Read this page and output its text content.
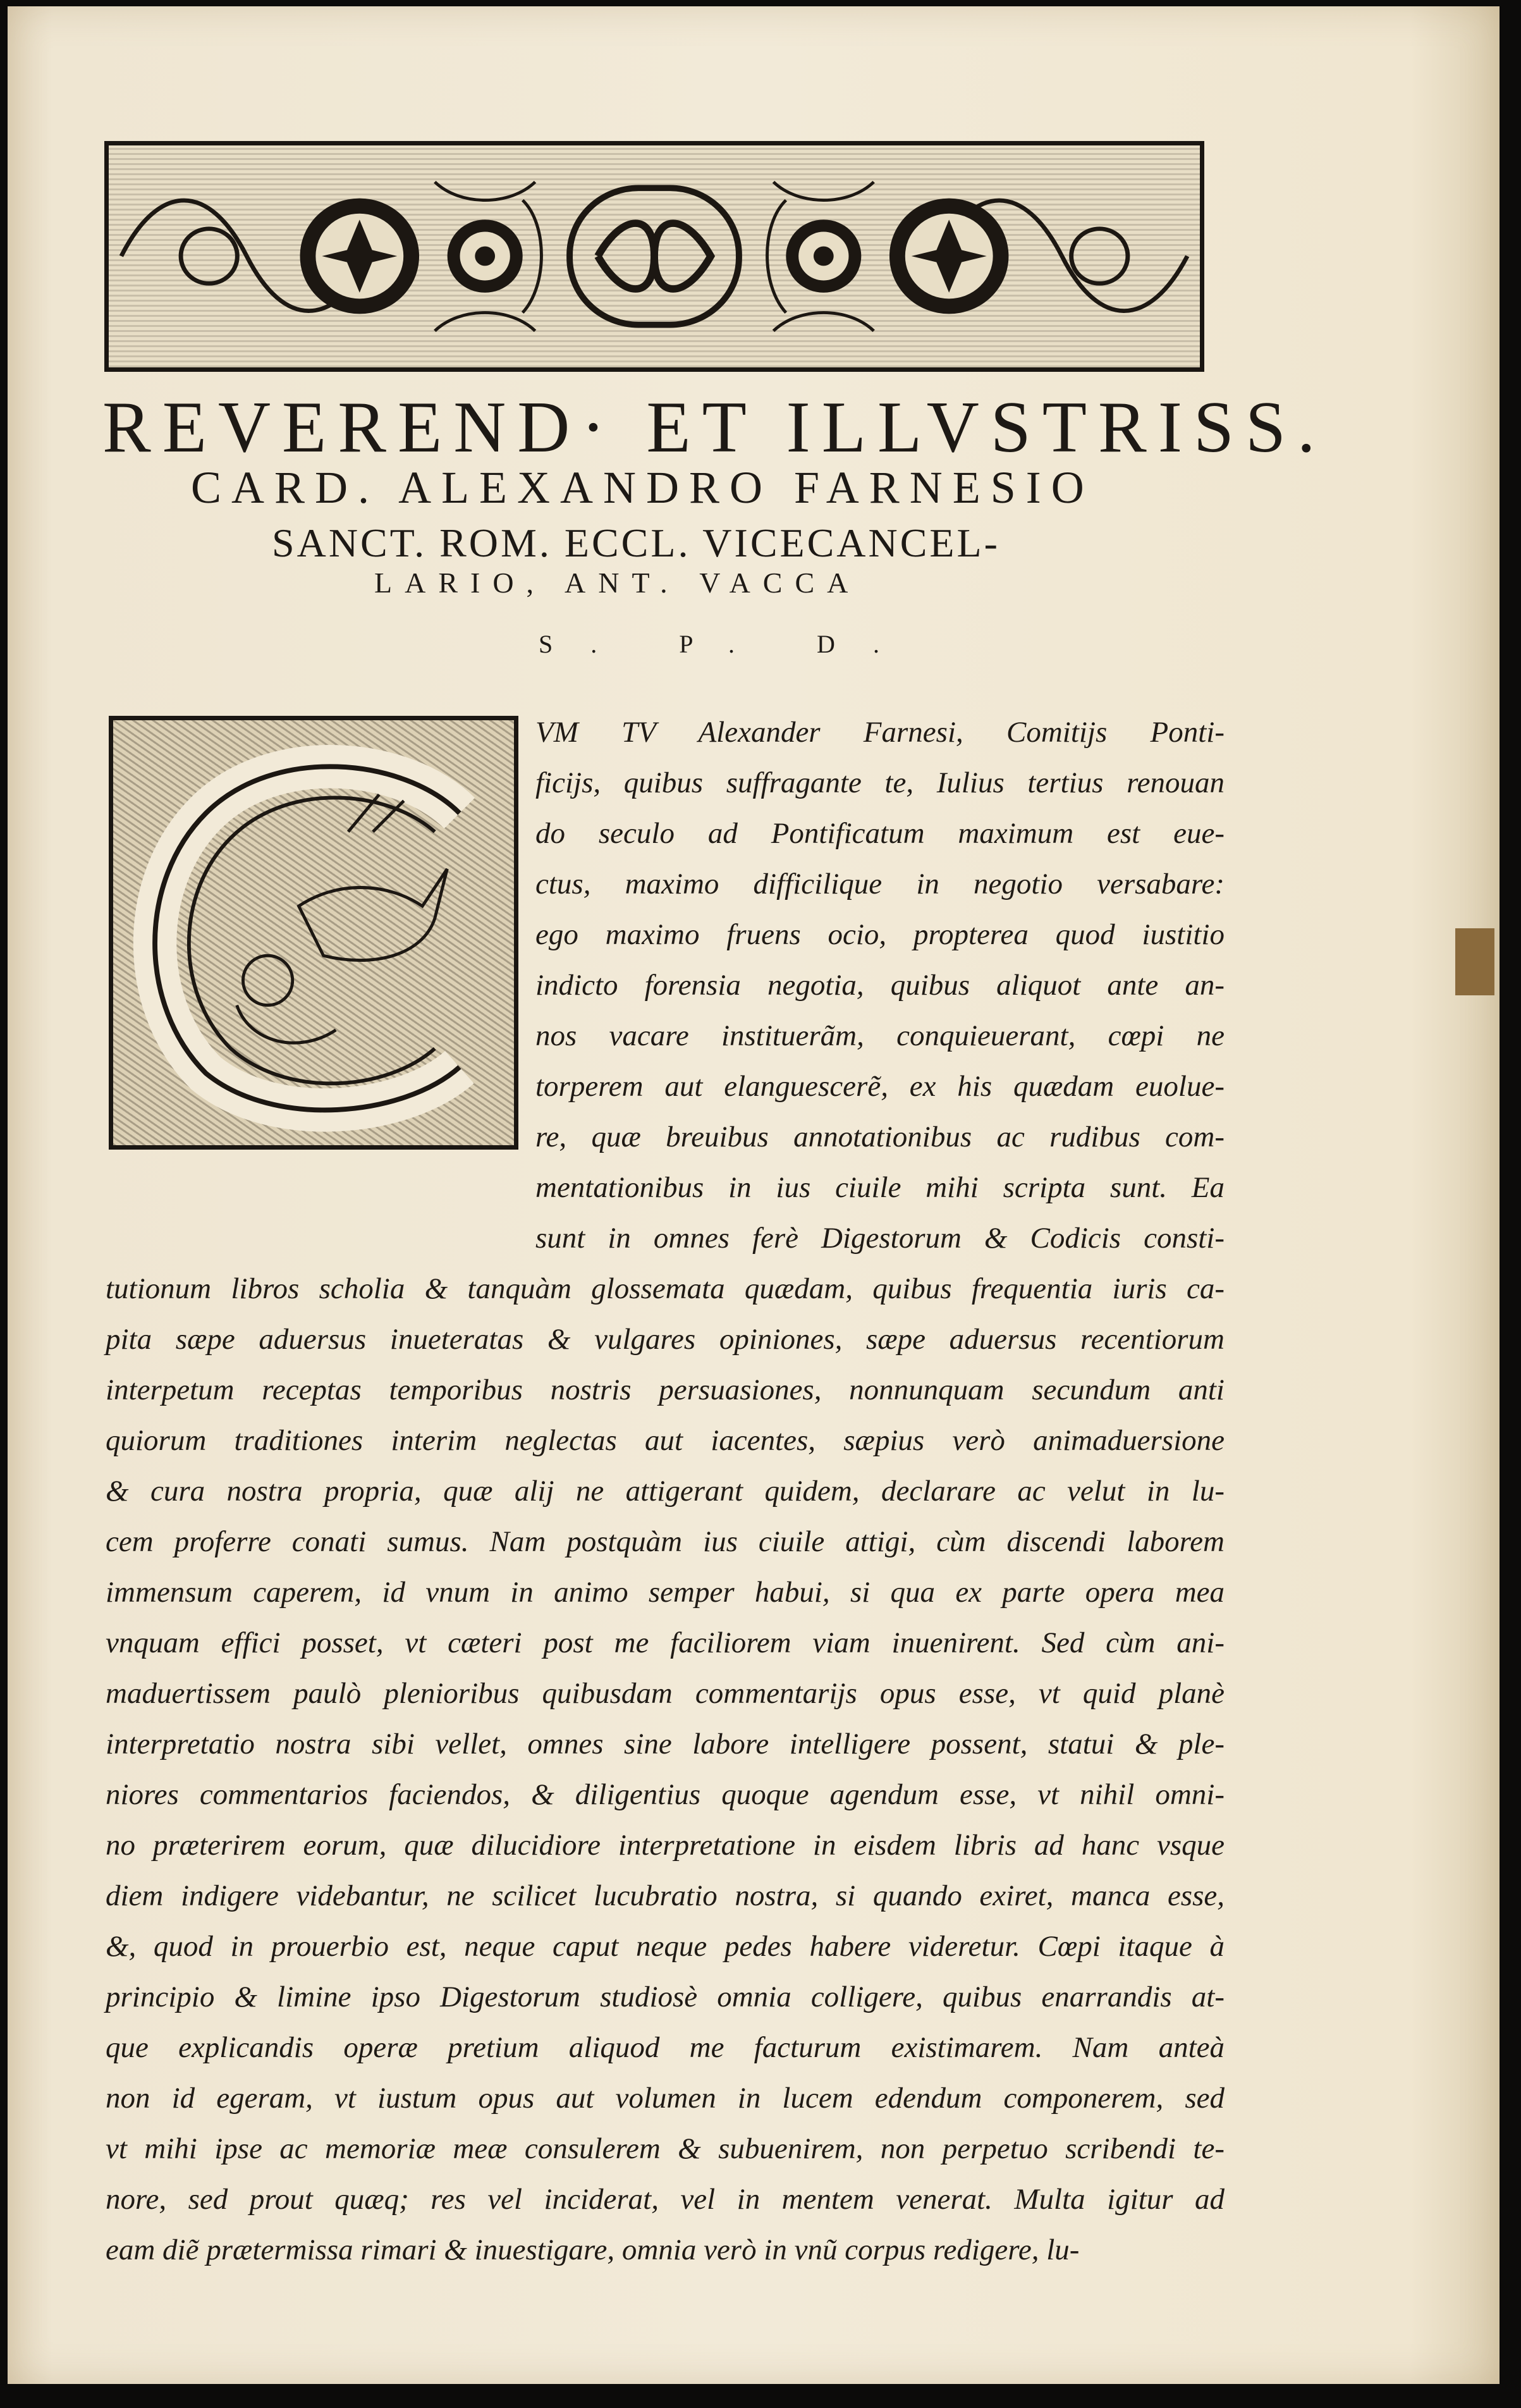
REVEREND· ET ILLVSTRISS.
CARD. ALEXANDRO FARNESIO
SANCT. ROM. ECCL. VICECANCEL-
LARIO, ANT. VACCA
S. P. D.
VM TV Alexander Farnesi, Comitijs Ponti-
ficijs, quibus suffragante te, Iulius tertius renouan
do seculo ad Pontificatum maximum est eue-
ctus, maximo difficilique in negotio versabare:
ego maximo fruens ocio, propterea quod iustitio
indicto forensia negotia, quibus aliquot ante an-
nos vacare instituerãm, conquieuerant, cœpi ne
torperem aut elanguescerẽ, ex his quædam euolue-
re, quæ breuibus annotationibus ac rudibus com-
mentationibus in ius ciuile mihi scripta sunt. Ea
sunt in omnes ferè Digestorum & Codicis consti-
tutionum libros scholia & tanquàm glossemata quædam, quibus frequentia iuris ca-
pita sæpe aduersus inueteratas & vulgares opiniones, sæpe aduersus recentiorum
interpetum receptas temporibus nostris persuasiones, nonnunquam secundum anti
quiorum traditiones interim neglectas aut iacentes, sæpius verò animaduersione
& cura nostra propria, quæ alij ne attigerant quidem, declarare ac velut in lu-
cem proferre conati sumus. Nam postquàm ius ciuile attigi, cùm discendi laborem
immensum caperem, id vnum in animo semper habui, si qua ex parte opera mea
vnquam effici posset, vt cæteri post me faciliorem viam inuenirent. Sed cùm ani-
maduertissem paulò plenioribus quibusdam commentarijs opus esse, vt quid planè
interpretatio nostra sibi vellet, omnes sine labore intelligere possent, statui & ple-
niores commentarios faciendos, & diligentius quoque agendum esse, vt nihil omni-
no præterirem eorum, quæ dilucidiore interpretatione in eisdem libris ad hanc vsque
diem indigere videbantur, ne scilicet lucubratio nostra, si quando exiret, manca esse,
&, quod in prouerbio est, neque caput neque pedes habere videretur. Cœpi itaque à
principio & limine ipso Digestorum studiosè omnia colligere, quibus enarrandis at-
que explicandis operæ pretium aliquod me facturum existimarem. Nam anteà
non id egeram, vt iustum opus aut volumen in lucem edendum componerem, sed
vt mihi ipse ac memoriæ meæ consulerem & subuenirem, non perpetuo scribendi te-
nore, sed prout quæq; res vel inciderat, vel in mentem venerat. Multa igitur ad
eam diẽ prætermissa rimari & inuestigare, omnia verò in vnũ corpus redigere, lu-
